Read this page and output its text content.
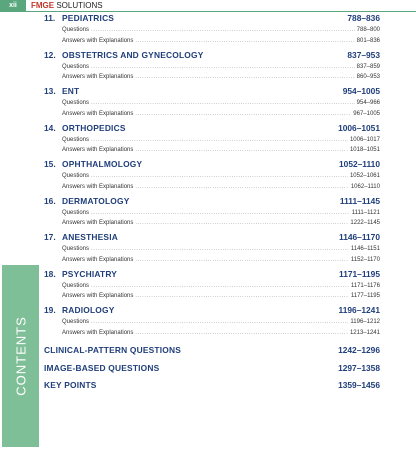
xii	FMGE SOLUTIONS
CONTENTS
11. PEDIATRICS	788–836
Questions .....	788–800
Answers with Explanations .....	801–836
12. OBSTETRICS AND GYNECOLOGY	837–953
Questions .....	837–859
Answers with Explanations .....	860–953
13. ENT	954–1005
Questions .....	954–966
Answers with Explanations .....	967–1005
14. ORTHOPEDICS	1006–1051
Questions .....	1006–1017
Answers with Explanations .....	1018–1051
15. OPHTHALMOLOGY	1052–1110
Questions .....	1052–1061
Answers with Explanations .....	1062–1110
16. DERMATOLOGY	1111–1145
Questions .....	1111–1121
Answers with Explanations .....	1222–1145
17. ANESTHESIA	1146–1170
Questions .....	1146–1151
Answers with Explanations .....	1152–1170
18. PSYCHIATRY	1171–1195
Questions .....	1171–1176
Answers with Explanations .....	1177–1195
19. RADIOLOGY	1196–1241
Questions .....	1196–1212
Answers with Explanations .....	1213–1241
CLINICAL-PATTERN QUESTIONS	1242–1296
IMAGE-BASED QUESTIONS	1297–1358
KEY POINTS	1359–1456
